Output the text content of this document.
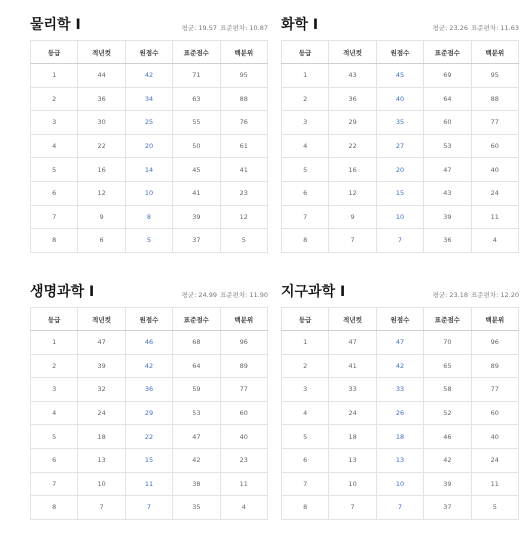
물리학 Ⅰ	평균: 19.57 표준편차: 10.87
등급	적년컷	원점수	표준점수	백분위
1	44	42	71	95
2	36	34	63	88
3	30	25	55	76
4	22	20	50	61
5	16	14	45	41
6	12	10	41	23
7	9	8	39	12
8	6	5	37	5
화학 Ⅰ	평균: 23.26 표준편차: 11.63
등급	적년컷	원점수	표준점수	백분위
1	43	45	69	95
2	36	40	64	88
3	29	35	60	77
4	22	27	53	60
5	16	20	47	40
6	12	15	43	24
7	9	10	39	11
8	7	7	36	4
생명과학 Ⅰ	평균: 24.99 표준편차: 11.90
등급	적년컷	원점수	표준점수	백분위
1	47	46	68	96
2	39	42	64	89
3	32	36	59	77
4	24	29	53	60
5	18	22	47	40
6	13	15	42	23
7	10	11	38	11
8	7	7	35	4
지구과학 Ⅰ	평균: 23.18 표준편차: 12.20
등급	적년컷	원점수	표준점수	백분위
1	47	47	70	96
2	41	42	65	89
3	33	33	58	77
4	24	26	52	60
5	18	18	46	40
6	13	13	42	24
7	10	10	39	11
8	7	7	37	5
